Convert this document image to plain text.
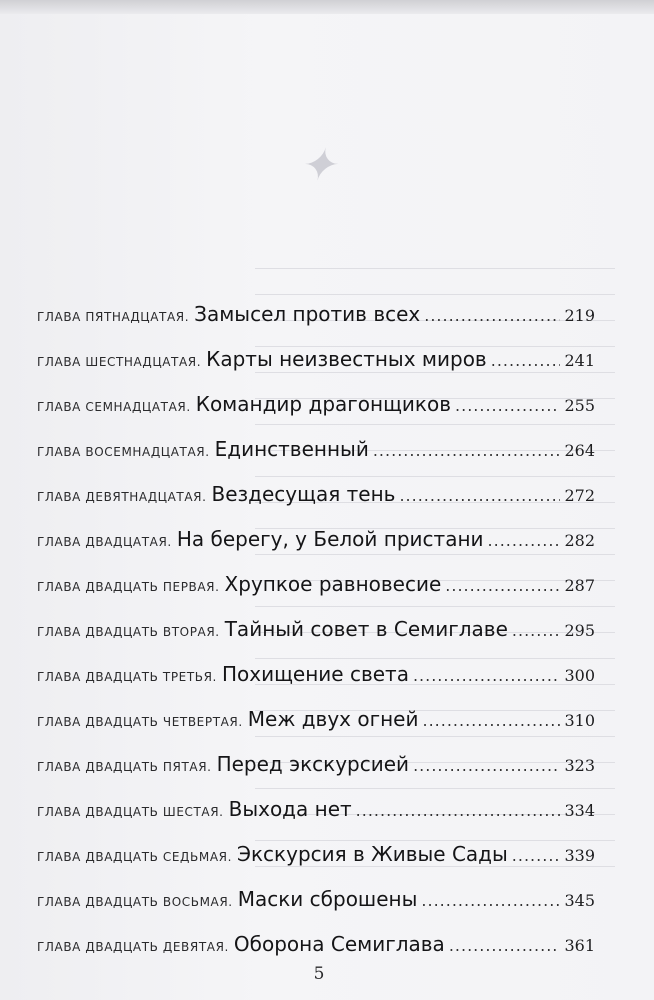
✦
ГЛАВА ПЯТНАДЦАТАЯ. Замысел против всех .....	219
ГЛАВА ШЕСТНАДЦАТАЯ. Карты неизвестных миров .....	241
ГЛАВА СЕМНАДЦАТАЯ. Командир драгонщиков .....	255
ГЛАВА ВОСЕМНАДЦАТАЯ. Единственный .....	264
ГЛАВА ДЕВЯТНАДЦАТАЯ. Вездесущая тень .....	272
ГЛАВА ДВАДЦАТАЯ. На берегу, у Белой пристани .....	282
ГЛАВА ДВАДЦАТЬ ПЕРВАЯ. Хрупкое равновесие .....	287
ГЛАВА ДВАДЦАТЬ ВТОРАЯ. Тайный совет в Семиглаве .....	295
ГЛАВА ДВАДЦАТЬ ТРЕТЬЯ. Похищение света .....	300
ГЛАВА ДВАДЦАТЬ ЧЕТВЕРТАЯ. Меж двух огней .....	310
ГЛАВА ДВАДЦАТЬ ПЯТАЯ. Перед экскурсией .....	323
ГЛАВА ДВАДЦАТЬ ШЕСТАЯ. Выхода нет .....	334
ГЛАВА ДВАДЦАТЬ СЕДЬМАЯ. Экскурсия в Живые Сады .....	339
ГЛАВА ДВАДЦАТЬ ВОСЬМАЯ. Маски сброшены .....	345
ГЛАВА ДВАДЦАТЬ ДЕВЯТАЯ. Оборона Семиглава .....	361
5
